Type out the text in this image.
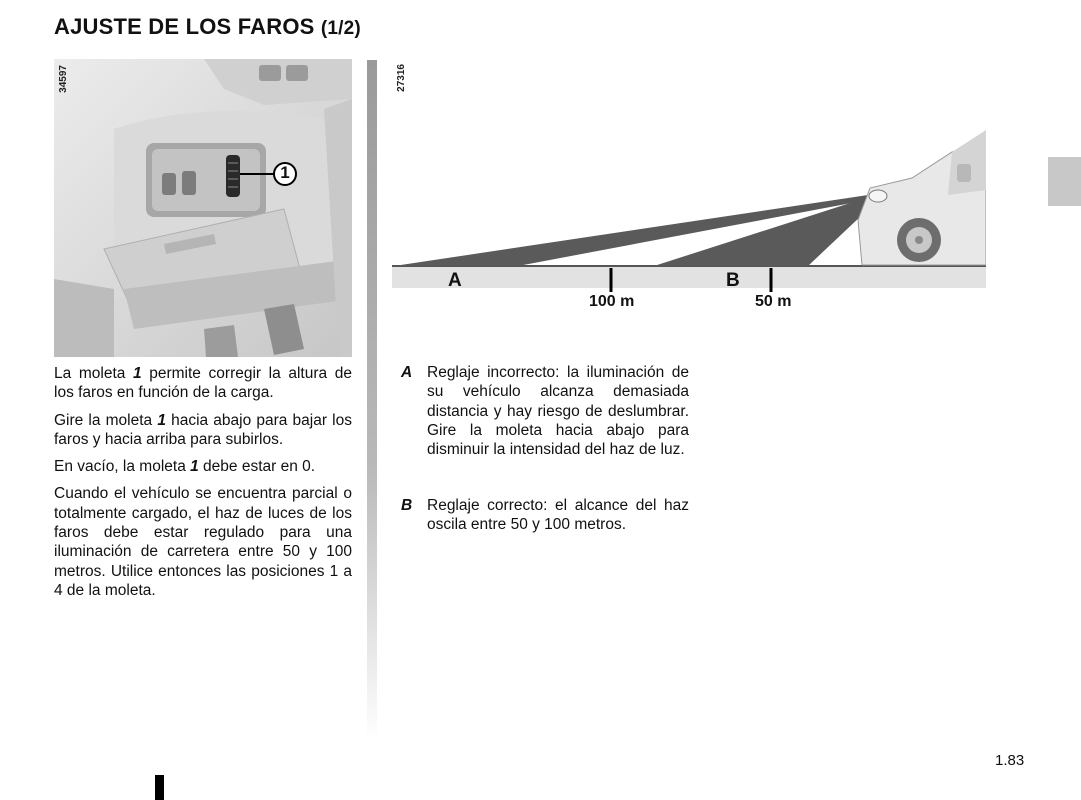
AJUSTE DE LOS FAROS (1/2)
1
34597
A	B
100 m	50 m
27316

La moleta 1 permite corregir la altura de los faros en función de la carga.

Gire la moleta 1 hacia abajo para bajar los faros y hacia arriba para subirlos.

En vacío, la moleta 1 debe estar en 0.

Cuando el vehículo se encuentra parcial o totalmente cargado, el haz de luces de los faros debe estar regulado para una iluminación de carretera entre 50 y 100 metros. Utilice entonces las posiciones 1 a 4 de la moleta.

A Reglaje incorrecto: la iluminación de su vehículo alcanza demasiada distancia y hay riesgo de deslumbrar. Gire la moleta hacia abajo para disminuir la intensidad del haz de luz.

B Reglaje correcto: el alcance del haz oscila entre 50 y 100 metros.

1.83
